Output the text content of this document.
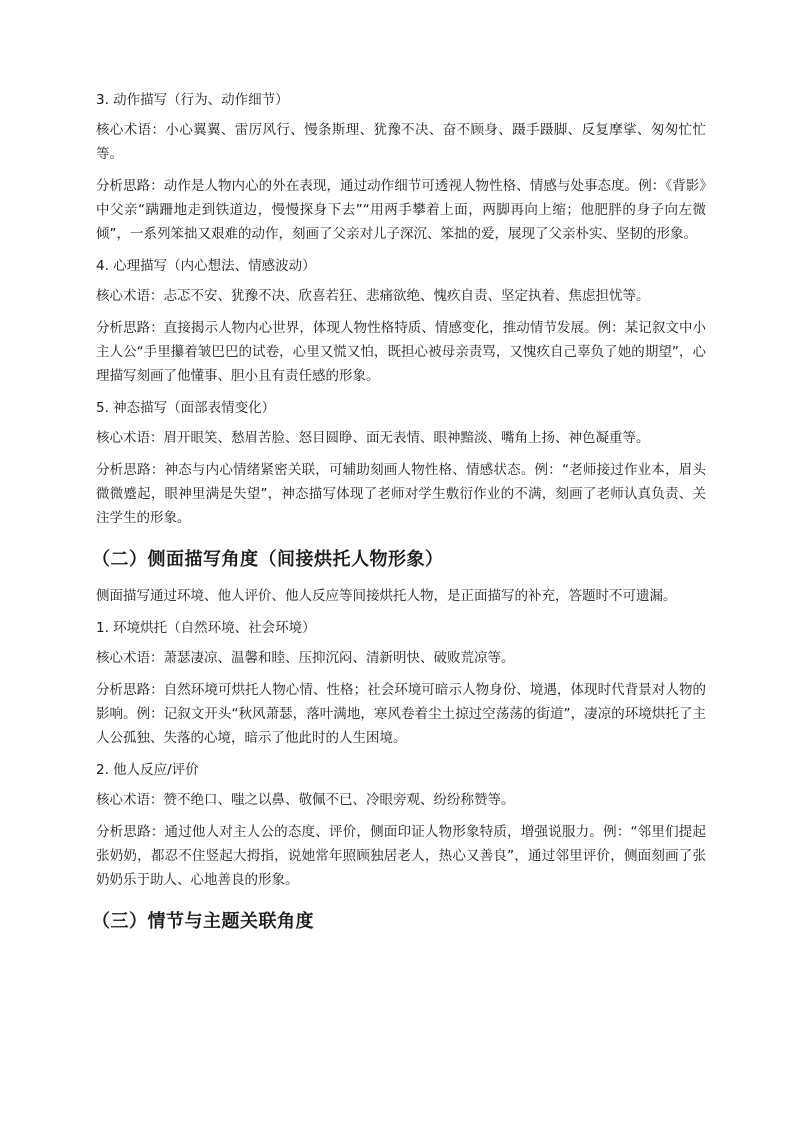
3. 动作描写（行为、动作细节）

核心术语：小心翼翼、雷厉风行、慢条斯理、犹豫不决、奋不顾身、蹑手蹑脚、反复摩挲、匆匆忙忙等。

分析思路：动作是人物内心的外在表现，通过动作细节可透视人物性格、情感与处事态度。例：《背影》中父亲“蹒跚地走到铁道边，慢慢探身下去”“用两手攀着上面，两脚再向上缩；他肥胖的身子向左微倾”，一系列笨拙又艰难的动作，刻画了父亲对儿子深沉、笨拙的爱，展现了父亲朴实、坚韧的形象。

4. 心理描写（内心想法、情感波动）

核心术语：忐忑不安、犹豫不决、欣喜若狂、悲痛欲绝、愧疚自责、坚定执着、焦虑担忧等。

分析思路：直接揭示人物内心世界，体现人物性格特质、情感变化，推动情节发展。例：某记叙文中小主人公“手里攥着皱巴巴的试卷，心里又慌又怕，既担心被母亲责骂，又愧疚自己辜负了她的期望”，心理描写刻画了他懂事、胆小且有责任感的形象。

5. 神态描写（面部表情变化）

核心术语：眉开眼笑、愁眉苦脸、怒目圆睁、面无表情、眼神黯淡、嘴角上扬、神色凝重等。

分析思路：神态与内心情绪紧密关联，可辅助刻画人物性格、情感状态。例：“老师接过作业本，眉头微微蹙起，眼神里满是失望”，神态描写体现了老师对学生敷衍作业的不满，刻画了老师认真负责、关注学生的形象。

（二）侧面描写角度（间接烘托人物形象）

侧面描写通过环境、他人评价、他人反应等间接烘托人物，是正面描写的补充，答题时不可遗漏。

1. 环境烘托（自然环境、社会环境）

核心术语：萧瑟凄凉、温馨和睦、压抑沉闷、清新明快、破败荒凉等。

分析思路：自然环境可烘托人物心情、性格；社会环境可暗示人物身份、境遇，体现时代背景对人物的影响。例：记叙文开头“秋风萧瑟，落叶满地，寒风卷着尘土掠过空荡荡的街道”，凄凉的环境烘托了主人公孤独、失落的心境，暗示了他此时的人生困境。

2. 他人反应/评价

核心术语：赞不绝口、嗤之以鼻、敬佩不已、冷眼旁观、纷纷称赞等。

分析思路：通过他人对主人公的态度、评价，侧面印证人物形象特质，增强说服力。例：“邻里们提起张奶奶，都忍不住竖起大拇指，说她常年照顾独居老人，热心又善良”，通过邻里评价，侧面刻画了张奶奶乐于助人、心地善良的形象。

（三）情节与主题关联角度
